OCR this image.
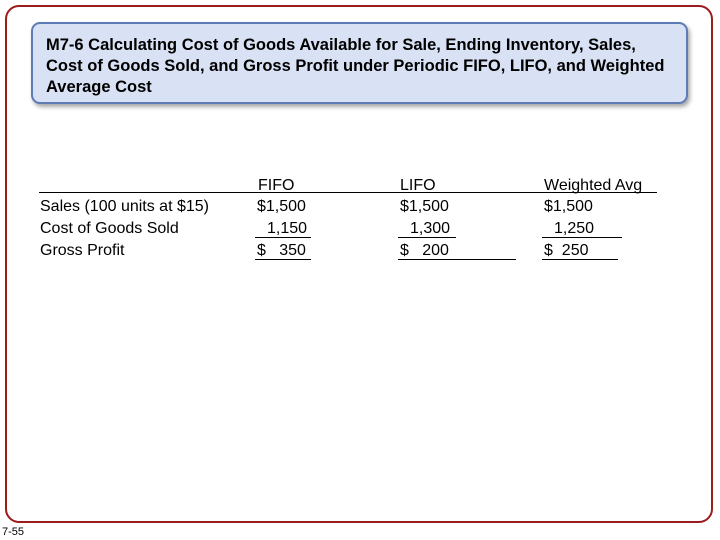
M7-6 Calculating Cost of Goods Available for Sale, Ending Inventory, Sales, Cost of Goods Sold, and Gross Profit under Periodic FIFO, LIFO, and Weighted Average Cost
Sales (100 units at $15)
Cost of Goods Sold
Gross Profit
FIFO
$1,500
1,150
$   350
LIFO
$1,500
1,300
$   200
Weighted Avg
$1,500
1,250
$  250
7-55
